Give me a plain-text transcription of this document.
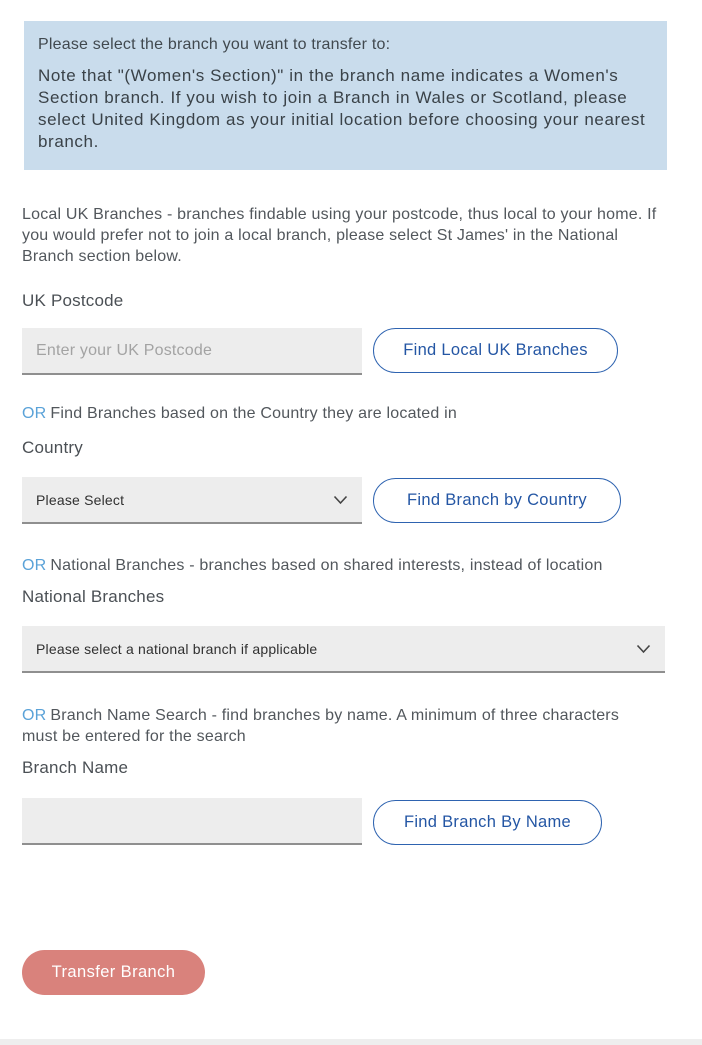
Please select the branch you want to transfer to:

Note that "(Women's Section)" in the branch name indicates a Women's Section branch. If you wish to join a Branch in Wales or Scotland, please select United Kingdom as your initial location before choosing your nearest branch.

Local UK Branches - branches findable using your postcode, thus local to your home. If you would prefer not to join a local branch, please select St James' in the National Branch section below.

UK Postcode
Enter your UK Postcode
Find Local UK Branches

OR Find Branches based on the Country they are located in

Country
Please Select	Find Branch by Country

OR National Branches - branches based on shared interests, instead of location

National Branches
Please select a national branch if applicable

OR Branch Name Search - find branches by name. A minimum of three characters must be entered for the search

Branch Name
Find Branch By Name
Transfer Branch
